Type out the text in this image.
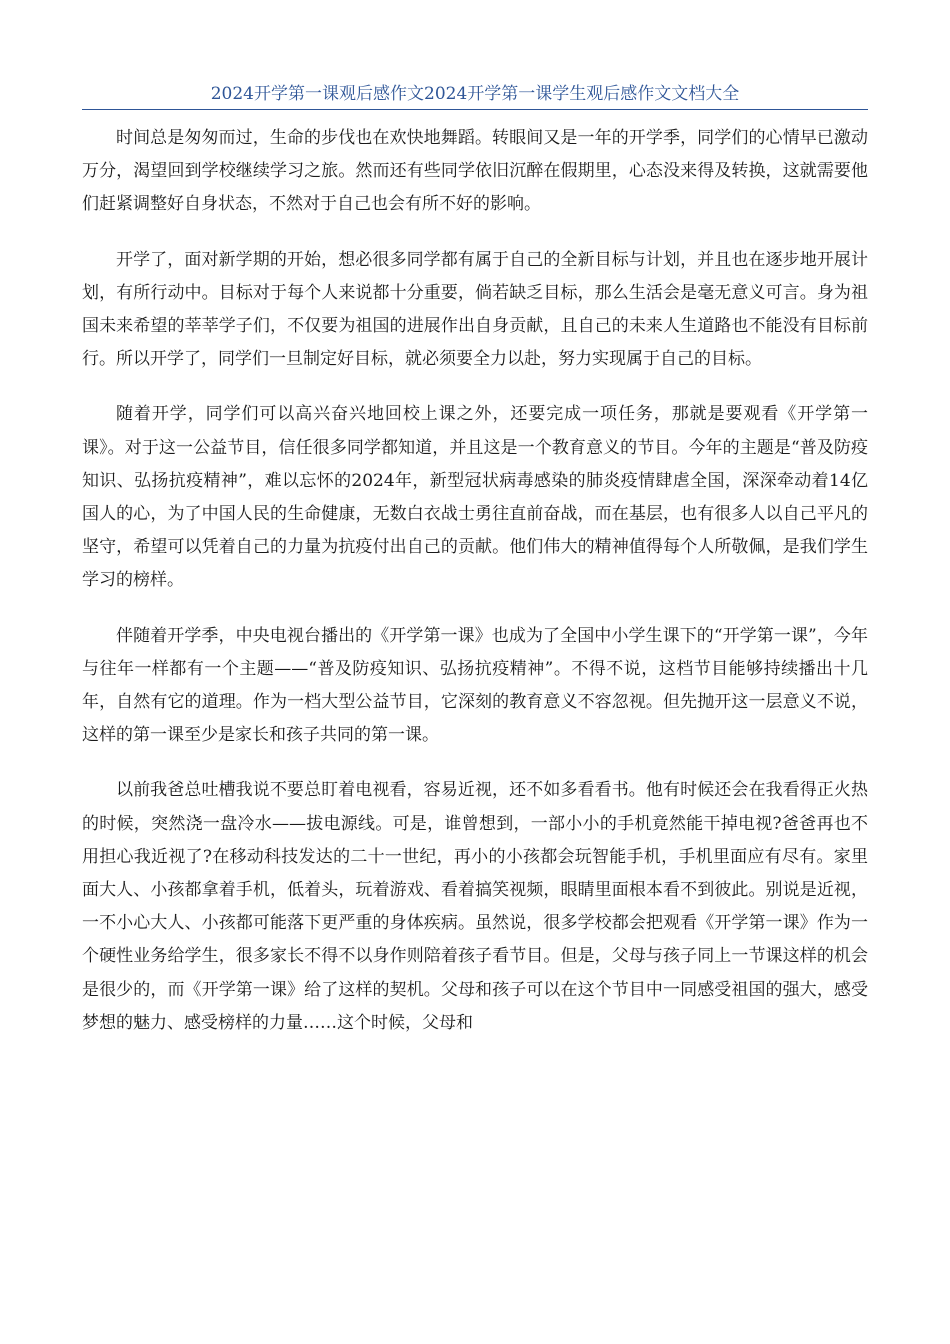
2024开学第一课观后感作文2024开学第一课学生观后感作文文档大全

时间总是匆匆而过，生命的步伐也在欢快地舞蹈。转眼间又是一年的开学季，同学们的心情早已激动万分，渴望回到学校继续学习之旅。然而还有些同学依旧沉醉在假期里，心态没来得及转换，这就需要他们赶紧调整好自身状态，不然对于自己也会有所不好的影响。

开学了，面对新学期的开始，想必很多同学都有属于自己的全新目标与计划，并且也在逐步地开展计划，有所行动中。目标对于每个人来说都十分重要，倘若缺乏目标，那么生活会是毫无意义可言。身为祖国未来希望的莘莘学子们，不仅要为祖国的进展作出自身贡献，且自己的未来人生道路也不能没有目标前行。所以开学了，同学们一旦制定好目标，就必须要全力以赴，努力实现属于自己的目标。

随着开学，同学们可以高兴奋兴地回校上课之外，还要完成一项任务，那就是要观看《开学第一课》。对于这一公益节目，信任很多同学都知道，并且这是一个教育意义的节目。今年的主题是“普及防疫知识、弘扬抗疫精神”，难以忘怀的2024年，新型冠状病毒感染的肺炎疫情肆虐全国，深深牵动着14亿国人的心，为了中国人民的生命健康，无数白衣战士勇往直前奋战，而在基层，也有很多人以自己平凡的坚守，希望可以凭着自己的力量为抗疫付出自己的贡献。他们伟大的精神值得每个人所敬佩，是我们学生学习的榜样。

伴随着开学季，中央电视台播出的《开学第一课》也成为了全国中小学生课下的“开学第一课”，今年与往年一样都有一个主题——“普及防疫知识、弘扬抗疫精神”。不得不说，这档节目能够持续播出十几年，自然有它的道理。作为一档大型公益节目，它深刻的教育意义不容忽视。但先抛开这一层意义不说，这样的第一课至少是家长和孩子共同的第一课。

以前我爸总吐槽我说不要总盯着电视看，容易近视，还不如多看看书。他有时候还会在我看得正火热的时候，突然浇一盘冷水——拔电源线。可是，谁曾想到，一部小小的手机竟然能干掉电视?爸爸再也不用担心我近视了?在移动科技发达的二十一世纪，再小的小孩都会玩智能手机，手机里面应有尽有。家里面大人、小孩都拿着手机，低着头，玩着游戏、看着搞笑视频，眼睛里面根本看不到彼此。别说是近视，一不小心大人、小孩都可能落下更严重的身体疾病。虽然说，很多学校都会把观看《开学第一课》作为一个硬性业务给学生，很多家长不得不以身作则陪着孩子看节目。但是，父母与孩子同上一节课这样的机会是很少的，而《开学第一课》给了这样的契机。父母和孩子可以在这个节目中一同感受祖国的强大，感受梦想的魅力、感受榜样的力量……这个时候，父母和
